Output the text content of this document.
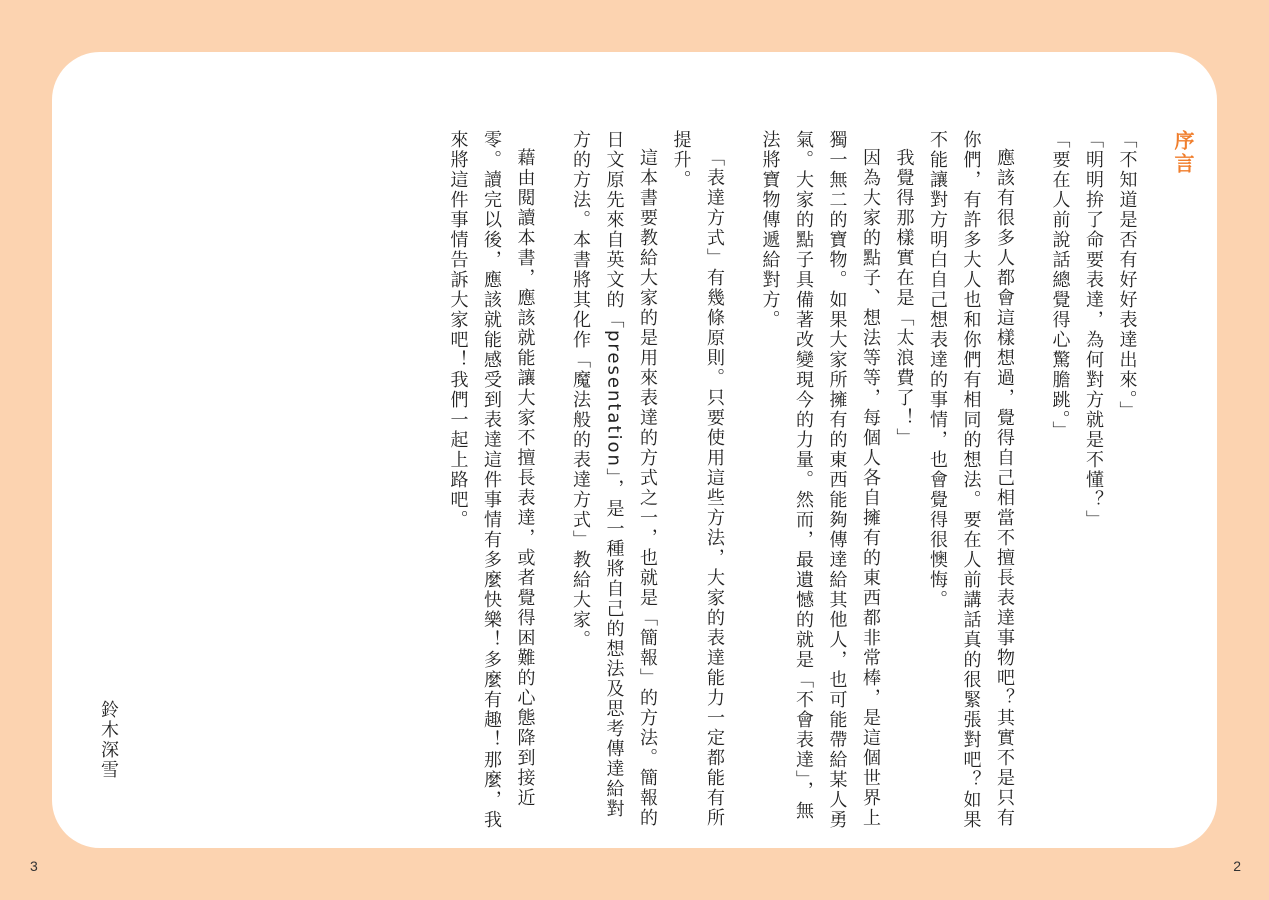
序言

「不知道是否有好好表達出來。」

「明明拚了命要表達，為何對方就是不懂？」

「要在人前說話總覺得心驚膽跳。」

應該有很多人都會這樣想過，覺得自己相當不擅長表達事物吧？其實不是只有你們，有許多大人也和你們有相同的想法。要在人前講話真的很緊張對吧？如果不能讓對方明白自己想表達的事情，也會覺得很懊悔。

我覺得那樣實在是「太浪費了！」

因為大家的點子、想法等等，每個人各自擁有的東西都非常棒，是這個世界上獨一無二的寶物。如果大家所擁有的東西能夠傳達給其他人，也可能帶給某人勇氣。大家的點子具備著改變現今的力量。然而，最遺憾的就是「不會表達」，無法將寶物傳遞給對方。

「表達方式」有幾條原則。只要使用這些方法，大家的表達能力一定都能有所提升。

這本書要教給大家的是用來表達的方式之一，也就是「簡報」的方法。簡報的日文原先來自英文的「presentation」，是一種將自己的想法及思考傳達給對方的方法。本書將其化作「魔法般的表達方式」教給大家。

藉由閱讀本書，應該就能讓大家不擅長表達，或者覺得困難的心態降到接近零。讀完以後，應該就能感受到表達這件事情有多麼快樂！多麼有趣！那麼，我來將這件事情告訴大家吧！我們一起上路吧。

鈴木深雪
3	2
